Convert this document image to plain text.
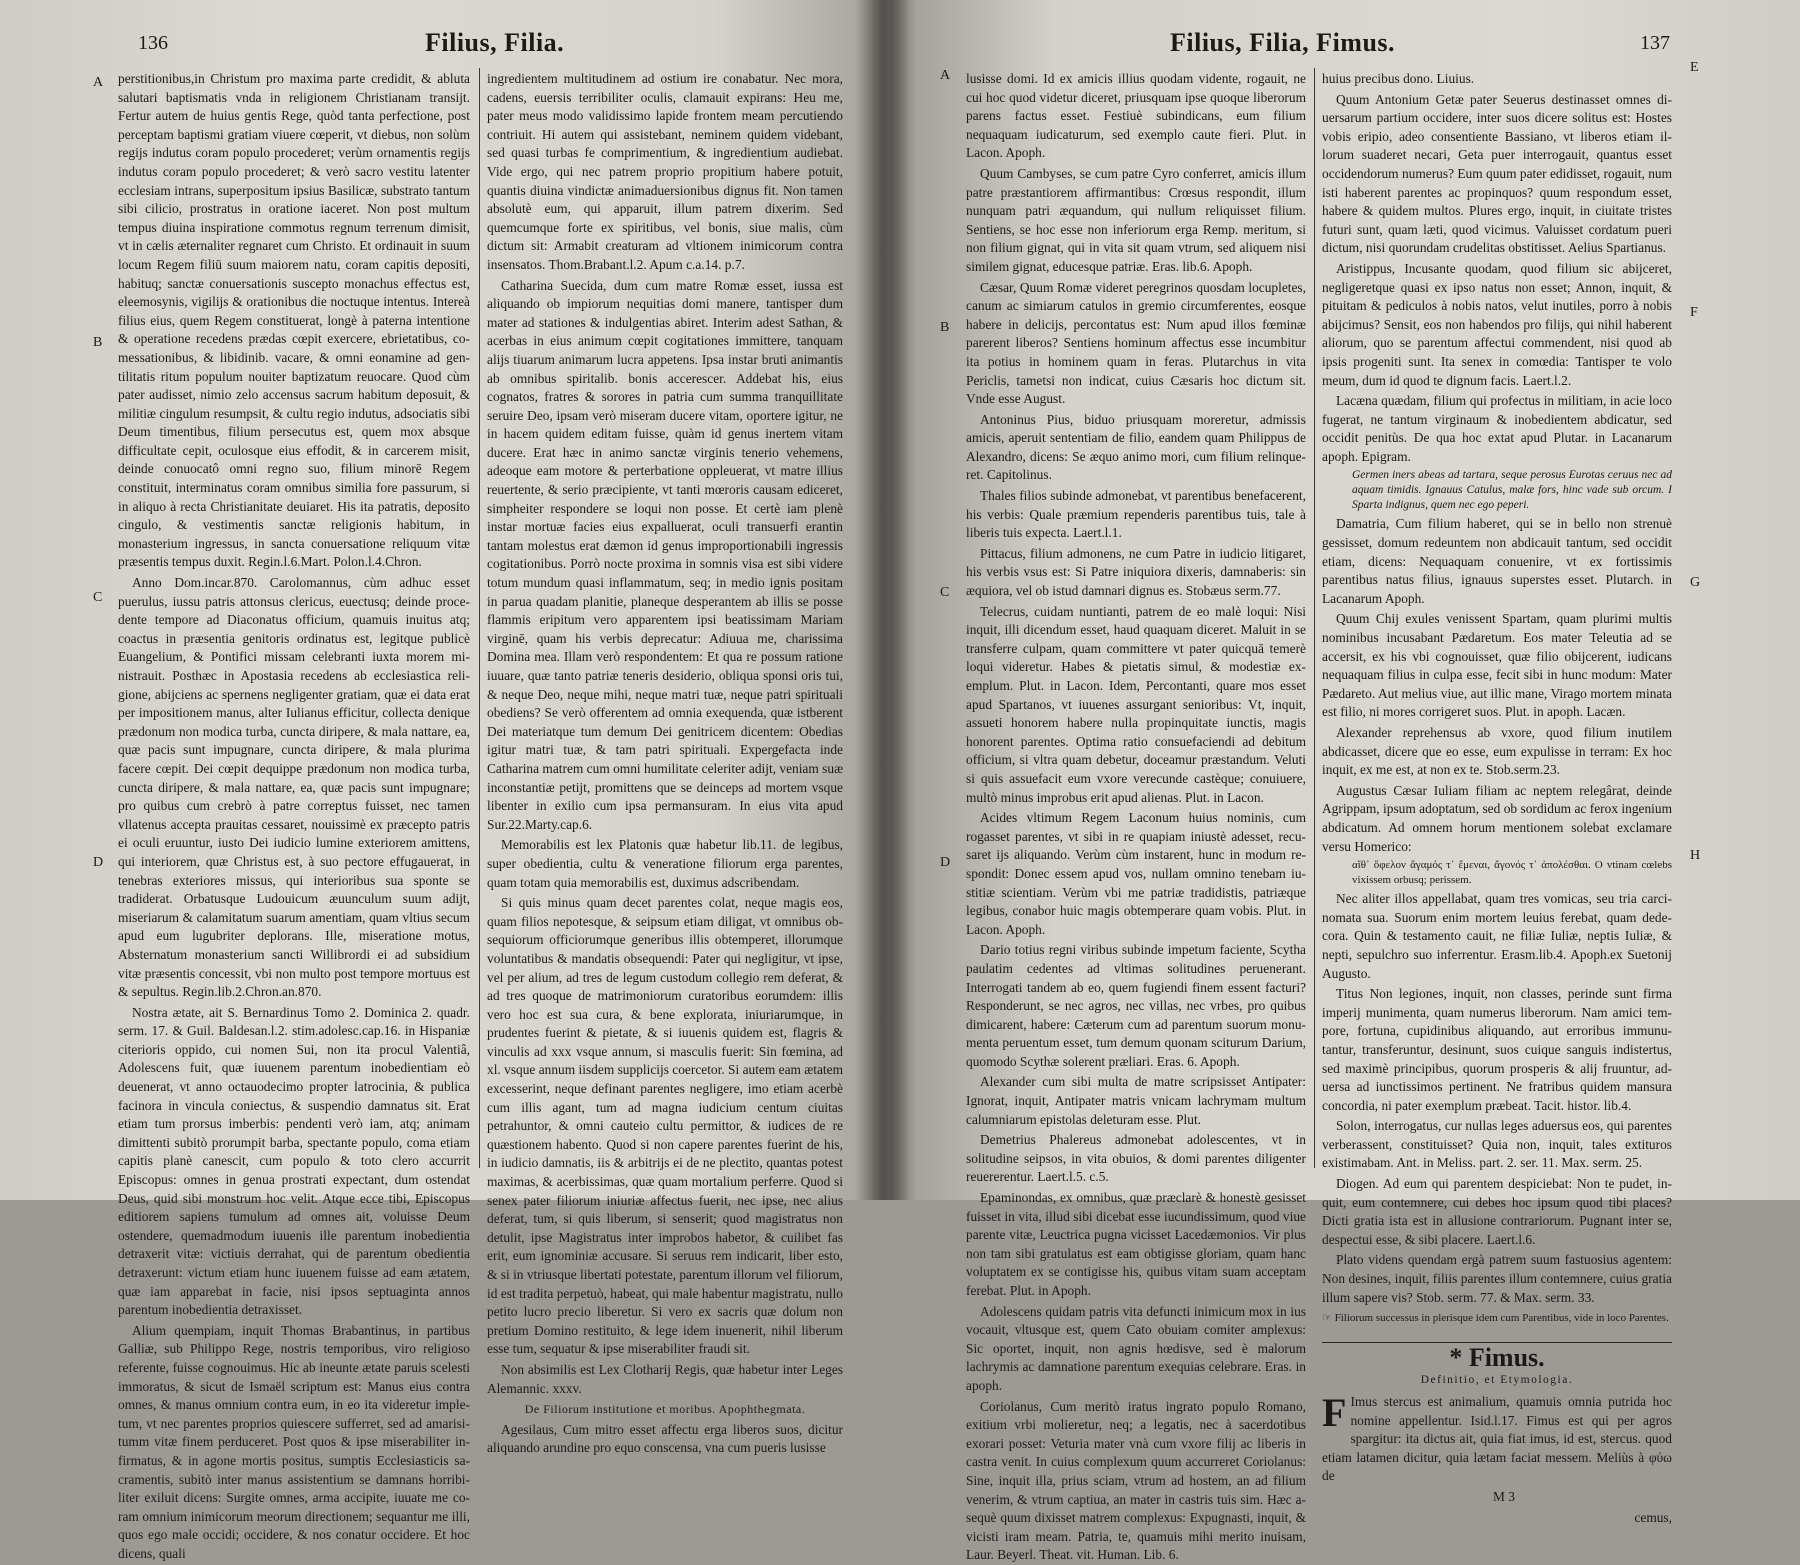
136	Filius, Filia.
A
B
C
D

perstitionibus,in Christum pro maxima parte credidit, & abluta salutari baptismatis vnda in religionem Christianam transijt. Fertur autem de huius gentis Rege, quòd tanta perfectione, post perceptam baptismi gratiam viuere cœperit, vt diebus, non solùm regijs indutus coram populo procederet; verùm ornamentis regijs indutus coram populo procederet; & verò sacro vestitu latenter ecclesiam intrans, superpositum ipsius Basilicæ, substrato tantum sibi cilicio, prostratus in oratione iaceret. Non post multum tempus diuina inspiratione commotus regnum terrenum dimisit, vt in cælis æternaliter regnaret cum Christo. Et ordinauit in suum locum Regem filiū suum maiorem natu, coram capitis depositi, habituq; sanctæ conuersationis suscepto monachus effectus est, eleemosynis, vigilijs & orationibus die noctuque intentus. Intereà filius eius, quem Regem constituerat, longè à paterna intentione & operatione recedens prædas cœpit exercere, ebrietatibus, comessationibus, & libidinib. vacare, & omni eonamine ad gentilitatis ritum populum nouiter baptizatum reuocare. Quod cùm pater audisset, nimio zelo accensus sacrum habitum deposuit, & militiæ cingulum resumpsit, & cultu regio indutus, adsociatis sibi Deum timentibus, filium persecutus est, quem mox absque difficultate cepit, oculosque eius effodit, & in carcerem misit, deinde conuocatô omni regno suo, filium minorē Regem constituit, interminatus coram omnibus similia fore passurum, si in aliquo à recta Christianitate deuiaret. His ita patratis, deposito cingulo, & vestimentis sanctæ religionis habitum, in monasterium ingressus, in sancta conuersatione reliquum vitæ præsentis tempus duxit. Regin.l.6.Mart. Polon.l.4.Chron.

Anno Dom.incar.870. Carolomannus, cùm adhuc esset puerulus, iussu patris attonsus clericus, euectusq; deinde procedente tempore ad Diaconatus officium, quamuis inuitus atq; coactus in præsentia genitoris ordinatus est, legitque publicè Euangelium, & Pontifici missam celebranti iuxta morem ministrauit. Posthæc in Apostasia recedens ab ecclesiastica religione, abijciens ac spernens negligenter gratiam, quæ ei data erat per impositionem manus, alter Iulianus efficitur, collecta denique prædonum non modica turba, cuncta diripere, & mala nattare, ea, quæ pacis sunt impugnare, cuncta diripere, & mala plurima facere cœpit. Dei cœpit dequippe prædonum non modica turba, cuncta diripere, & mala nattare, ea, quæ pacis sunt impugnare; pro quibus cum crebrò à patre correptus fuisset, nec tamen vllatenus accepta prauitas cessaret, nouissimè ex præcepto patris ei oculi eruuntur, iusto Dei iudicio lumine exteriorem amittens, qui interiorem, quæ Christus est, à suo pectore effugauerat, in tenebras exteriores missus, qui interioribus sua sponte se tradiderat. Orbatusque Ludouicum æuunculum suum adijt, miseriarum & calamitatum suarum amentiam, quam vltius secum apud eum lugubriter deplorans. Ille, miseratione motus, Absternatum monasterium sancti Willibrordi ei ad subsidium vitæ præsentis concessit, vbi non multo post tempore mortuus est & sepultus. Regin.lib.2.Chron.an.870.

Nostra ætate, ait S. Bernardinus Tomo 2. Dominica 2. quadr. serm. 17. & Guil. Baldesan.l.2. stim.adolesc.cap.16. in Hispaniæ citerioris oppido, cui nomen Sui, non ita procul Valentiâ, Adolescens fuit, quæ iuuenem parentum inobedientiam eò deuenerat, vt anno octauodecimo propter latrocinia, & publica facinora in vincula coniectus, & suspendio damnatus sit. Erat etiam tum prorsus imberbis: pendenti verò iam, atq; animam dimittenti subitò prorumpit barba, spectante populo, coma etiam capitis planè canescit, cum populo & toto clero accurrit Episcopus: omnes in genua prostrati expectant, dum ostendat Deus, quid sibi monstrum hoc velit. Atque ecce tibi, Episcopus editiorem sapiens tumulum ad omnes ait, voluisse Deum ostendere, quemadmodum iuuenis ille parentum inobedientia detraxerit vitæ: victiuis derrahat, qui de parentum obedientia detraxerunt: victum etiam hunc iuuenem fuisse ad eam ætatem, quæ iam apparebat in facie, nisi ipsos septuaginta annos parentum inobedientia detraxisset.

Alium quempiam, inquit Thomas Brabantinus, in partibus Galliæ, sub Philippo Rege, nostris temporibus, viro religioso referente, fuisse cognouimus. Hic ab ineunte ætate paruis scelesti immoratus, & sicut de Ismaël scriptum est: Manus eius contra omnes, & manus omnium contra eum, in eo ita videretur impletum, vt nec parentes proprios quiescere sufferret, sed ad amarisitumm vitæ finem perduceret. Post quos & ipse miserabiliter infirmatus, & in agone mortis positus, sumptis Ecclesiasticis sacramentis, subitò inter manus assistentium se damnans horribiliter exiluit dicens: Surgite omnes, arma accipite, iuuate me coram omnium inimicorum meorum directionem; sequantur me illi, quos ego male occidi; occidere, & nos conatur occidere. Et hoc dicens, quali

ingredientem multitudinem ad ostium ire conabatur. Nec mora, cadens, euersis terribiliter oculis, clamauit expirans: Heu me, pater meus modo validissimo lapide frontem meam percutiendo contriuit. Hi autem qui assistebant, neminem quidem videbant, sed quasi turbas fe comprimentium, & ingredientium audiebat. Vide ergo, qui nec patrem proprio propitium habere potuit, quantis diuina vindictæ animaduersionibus dignus fit. Non tamen absolutè eum, qui apparuit, illum patrem dixerim. Sed quemcumque forte ex spiritibus, vel bonis, siue malis, cùm dictum sit: Armabit creaturam ad vltionem inimicorum contra insensatos. Thom.Brabant.l.2. Apum c.a.14. p.7.

Catharina Suecida, dum cum matre Romæ esset, iussa est aliquando ob impiorum nequitias domi manere, tantisper dum mater ad stationes & indulgentias abiret. Interim adest Sathan, & acerbas in eius animum cœpit cogitationes immittere, tanquam alijs tiuarum animarum lucra appetens. Ipsa instar bruti animantis ab omnibus spiritalib. bonis accerescer. Addebat his, eius cognatos, fratres & sorores in patria cum summa tranquillitate seruire Deo, ipsam verò miseram ducere vitam, oportere igitur, ne in hacem quidem editam fuisse, quàm id genus inertem vitam ducere. Erat hæc in animo sanctæ virginis tenerio vehemens, adeoque eam motore & perterbatione oppleuerat, vt matre illius reuertente, & serio præcipiente, vt tanti mœroris causam ediceret, simpheiter respondere se loqui non posse. Et certè iam plenè instar mortuæ facies eius expalluerat, oculi transuerfi erantin tantam molestus erat dæmon id genus improportionabili ingressis cogitationibus. Porrò nocte proxima in somnis visa est sibi videre totum mundum quasi inflammatum, seq; in medio ignis positam in parua quadam planitie, planeque desperantem ab illis se posse flammis eripitum vero apparentem ipsi beatissimam Mariam virginē, quam his verbis deprecatur: Adiuua me, charissima Domina mea. Illam verò respondentem: Et qua re possum ratione iuuare, quæ tanto patriæ teneris desiderio, obliqua sponsi oris tui, & neque Deo, neque mihi, neque matri tuæ, neque patri spirituali obediens? Se verò offerentem ad omnia exequenda, quæ istberent Dei materiatque tum demum Dei genitricem dicentem: Obedias igitur matri tuæ, & tam patri spirituali. Expergefacta inde Catharina matrem cum omni humilitate celeriter adijt, veniam suæ inconstantiæ petijt, promittens que se deinceps ad mortem vsque libenter in exilio cum ipsa permansuram. In eius vita apud Sur.22.Marty.cap.6.

Memorabilis est lex Platonis quæ habetur lib.11. de legibus, super obedientia, cultu & veneratione filiorum erga parentes, quam totam quia memorabilis est, duximus adscribendam.

Si quis minus quam decet parentes colat, neque magis eos, quam filios nepotesque, & seipsum etiam diligat, vt omnibus obsequiorum officiorumque generibus illis obtemperet, illorumque voluntatibus & mandatis obsequendi: Pater qui negligitur, vt ipse, vel per alium, ad tres de legum custodum collegio rem deferat, & ad tres quoque de matrimoniorum curatoribus eorumdem: illis vero hoc est sua cura, & bene explorata, iniuriarumque, in prudentes fuerint & pietate, & si iuuenis quidem est, flagris & vinculis ad xxx vsque annum, si masculis fuerit: Sin fœmina, ad xl. vsque annum iisdem supplicijs coercetor. Si autem eam ætatem excesserint, neque definant parentes negligere, imo etiam acerbè cum illis agant, tum ad magna iudicium centum ciuitas petrahuntor, & omni cauteio cultu permittor, & iudices de re quæstionem habento. Quod si non capere parentes fuerint de his, in iudicio damnatis, iis & arbitrijs ei de ne plectito, quantas potest maximas, & acerbissimas, quæ quam mortalium perferre. Quod si senex pater filiorum iniuriæ affectus fuerit, nec ipse, nec alius deferat, tum, si quis liberum, si senserit; quod magistratus non detulit, ipse Magistratus inter improbos habetor, & cuilibet fas erit, eum ignominiæ accusare. Si seruus rem indicarit, liber esto, & si in vtriusque libertati potestate, parentum illorum vel filiorum, id est tradita perpetuò, habeat, qui male habentur magistratu, nullo petito lucro precio liberetur. Si vero ex sacris quæ dolum non pretium Domino restituito, & lege idem inuenerit, nihil liberum esse tum, sequatur & ipse miserabiliter fraudi sit.

Non absimilis est Lex Clotharij Regis, quæ habetur inter Leges Alemannic. xxxv.

De Filiorum institutione et moribus. Apophthegmata.

Agesilaus, Cum mitro esset affectu erga liberos suos, dicitur aliquando arundine pro equo conscensa, vna cum pueris lusisse

Filius, Filia, Fimus.	137
A
B
C
D
E
F
G
H

lusisse domi. Id ex amicis illius quodam vidente, rogauit, ne cui hoc quod videtur diceret, priusquam ipse quoque liberorum parens factus esset. Festiuè subindicans, eum filium nequaquam iudicaturum, sed exemplo caute fieri. Plut. in Lacon. Apoph.

Quum Cambyses, se cum patre Cyro conferret, amicis illum patre præstantiorem affirmantibus: Crœsus respondit, illum nunquam patri æquandum, qui nullum reliquisset filium. Sentiens, se hoc esse non inferiorum erga Remp. meritum, si non filium gignat, qui in vita sit quam vtrum, sed aliquem nisi similem gignat, educesque patriæ. Eras. lib.6. Apoph.

Cæsar, Quum Romæ videret peregrinos quosdam locupletes, canum ac simiarum catulos in gremio circumferentes, eosque habere in delicijs, percontatus est: Num apud illos fœminæ parerent liberos? Sentiens hominum affectus esse incumbitur ita potius in hominem quam in feras. Plutarchus in vita Periclis, tametsi non indicat, cuius Cæsaris hoc dictum sit. Vnde esse August.

Antoninus Pius, biduo priusquam moreretur, admissis amicis, aperuit sententiam de filio, eandem quam Philippus de Alexandro, dicens: Se æquo animo mori, cum filium relinqueret. Capitolinus.

Thales filios subinde admonebat, vt parentibus benefacerent, his verbis: Quale præmium rependeris parentibus tuis, tale à liberis tuis expecta. Laert.l.1.

Pittacus, filium admonens, ne cum Patre in iudicio litigaret, his verbis vsus est: Si Patre iniquiora dixeris, damnaberis: sin æquiora, vel ob istud damnari dignus es. Stobæus serm.77.

Telecrus, cuidam nuntianti, patrem de eo malè loqui: Nisi inquit, illi dicendum esset, haud quaquam diceret. Maluit in se transferre culpam, quam committere vt pater quicquā temerè loqui videretur. Habes & pietatis simul, & modestiæ exemplum. Plut. in Lacon. Idem, Percontanti, quare mos esset apud Spartanos, vt iuuenes assurgant senioribus: Vt, inquit, assueti honorem habere nulla propinquitate iunctis, magis honorent parentes. Optima ratio consuefaciendi ad debitum officium, si vltra quam debetur, doceamur præstandum. Veluti si quis assuefacit eum vxore verecunde castèque; conuiuere, multò minus improbus erit apud alienas. Plut. in Lacon.

Acides vltimum Regem Laconum huius nominis, cum rogasset parentes, vt sibi in re quapiam iniustè adesset, recusaret ijs aliquando. Verùm cùm instarent, hunc in modum respondit: Donec essem apud vos, nullam omnino tenebam iustitiæ scientiam. Verùm vbi me patriæ tradidistis, patriæque legibus, conabor huic magis obtemperare quam vobis. Plut. in Lacon. Apoph.

Dario totius regni viribus subinde impetum faciente, Scytha paulatim cedentes ad vltimas solitudines peruenerant. Interrogati tandem ab eo, quem fugiendi finem essent facturi? Responderunt, se nec agros, nec villas, nec vrbes, pro quibus dimicarent, habere: Cæterum cum ad parentum suorum monumenta peruentum esset, tum demum quonam sciturum Darium, quomodo Scythæ solerent præliari. Eras. 6. Apoph.

Alexander cum sibi multa de matre scripsisset Antipater: Ignorat, inquit, Antipater matris vnicam lachrymam multum calumniarum epistolas deleturam esse. Plut.

Demetrius Phalereus admonebat adolescentes, vt in solitudine seipsos, in vita obuios, & domi parentes diligenter reuererentur. Laert.l.5. c.5.

Epaminondas, ex omnibus, quæ præclarè & honestè gesisset fuisset in vita, illud sibi dicebat esse iucundissimum, quod viue parente vitæ, Leuctrica pugna vicisset Lacedæmonios. Vir plus non tam sibi gratulatus est eam obtigisse gloriam, quam hanc voluptatem ex se contigisse his, quibus vitam suam acceptam ferebat. Plut. in Apoph.

Adolescens quidam patris vita defuncti inimicum mox in ius vocauit, vltusque est, quem Cato obuiam comiter amplexus: Sic oportet, inquit, non agnis hœdisve, sed è malorum lachrymis ac damnatione parentum exequias celebrare. Eras. in apoph.

Coriolanus, Cum meritò iratus ingrato populo Romano, exitium vrbi molieretur, neq; a legatis, nec à sacerdotibus exorari posset: Veturia mater vnà cum vxore filij ac liberis in castra venit. In cuius complexum quum accurreret Coriolanus: Sine, inquit illa, prius sciam, vtrum ad hostem, an ad filium venerim, & vtrum captiua, an mater in castris tuis sim. Hæc asequè quum dixisset matrem complexus: Expugnasti, inquit, & vicisti iram meam. Patria, te, quamuis mihi merito inuisam, Laur. Beyerl. Theat. vit. Human. Lib. 6.

huius precibus dono. Liuius.

Quum Antonium Getæ pater Seuerus destinasset omnes diuersarum partium occidere, inter suos dicere solitus est: Hostes vobis eripio, adeo consentiente Bassiano, vt liberos etiam illorum suaderet necari, Geta puer interrogauit, quantus esset occidendorum numerus? Eum quum pater edidisset, rogauit, num isti haberent parentes ac propinquos? quum respondum esset, habere & quidem multos. Plures ergo, inquit, in ciuitate tristes futuri sunt, quam læti, quod vicimus. Valuisset cordatum pueri dictum, nisi quorundam crudelitas obstitisset. Aelius Spartianus.

Aristippus, Incusante quodam, quod filium sic abijceret, negligeretque quasi ex ipso natus non esset; Annon, inquit, & pituitam & pediculos à nobis natos, velut inutiles, porro à nobis abijcimus? Sensit, eos non habendos pro filijs, qui nihil haberent aliorum, quo se parentum affectui commendent, nisi quod ab ipsis progeniti sunt. Ita senex in comœdia: Tantisper te volo meum, dum id quod te dignum facis. Laert.l.2.

Lacæna quædam, filium qui profectus in militiam, in acie loco fugerat, ne tantum virginaum & inobedientem abdicatur, sed occidit penitùs. De qua hoc extat apud Plutar. in Lacanarum apoph. Epigram.

Germen iners abeas ad tartara, seque perosus Eurotas ceruus nec ad aquam timidis. Ignauus Catulus, malæ fors, hinc vade sub orcum. I Sparta indignus, quem nec ego peperi.

Damatria, Cum filium haberet, qui se in bello non strenuè gessisset, domum redeuntem non abdicauit tantum, sed occidit etiam, dicens: Nequaquam conuenire, vt ex fortissimis parentibus natus filius, ignauus superstes esset. Plutarch. in Lacanarum Apoph.

Quum Chij exules venissent Spartam, quam plurimi multis nominibus incusabant Pædaretum. Eos mater Teleutia ad se accersit, ex his vbi cognouisset, quæ filio obijcerent, iudicans nequaquam filius in culpa esse, fecit sibi in hunc modum: Mater Pædareto. Aut melius viue, aut illic mane, Virago mortem minata est filio, ni mores corrigeret suos. Plut. in apoph. Lacæn.

Alexander reprehensus ab vxore, quod filium inutilem abdicasset, dicere que eo esse, eum expulisse in terram: Ex hoc inquit, ex me est, at non ex te. Stob.serm.23.

Augustus Cæsar Iuliam filiam ac neptem relegârat, deinde Agrippam, ipsum adoptatum, sed ob sordidum ac ferox ingenium abdicatum. Ad omnem horum mentionem solebat exclamare versu Homerico:

αἴθ᾽ ὄφελον ἄγαμός τ᾽ ἔμεναι, ἄγονός τ᾽ ἀπολέσθαι. O vtinam cœlebs vixissem orbusq; perissem.

Nec aliter illos appellabat, quam tres vomicas, seu tria carcinomata sua. Suorum enim mortem leuius ferebat, quam dedecora. Quin & testamento cauit, ne filiæ Iuliæ, neptis Iuliæ, & nepti, sepulchro suo inferrentur. Erasm.lib.4. Apoph.ex Suetonij Augusto.

Titus Non legiones, inquit, non classes, perinde sunt firma imperij munimenta, quam numerus liberorum. Nam amici tempore, fortuna, cupidinibus aliquando, aut erroribus immunutantur, transferuntur, desinunt, suos cuique sanguis indistertus, sed maximè principibus, quorum prosperis & alij fruuntur, aduersa ad iunctissimos pertinent. Ne fratribus quidem mansura concordia, ni pater exemplum præbeat. Tacit. histor. lib.4.

Solon, interrogatus, cur nullas leges aduersus eos, qui parentes verberassent, constituisset? Quia non, inquit, tales extituros existimabam. Ant. in Meliss. part. 2. ser. 11. Max. serm. 25.

Diogen. Ad eum qui parentem despiciebat: Non te pudet, inquit, eum contemnere, cui debes hoc ipsum quod tibi places? Dicti gratia ista est in allusione contrariorum. Pugnant inter se, despectui esse, & sibi placere. Laert.l.6.

Plato videns quendam ergà patrem suum fastuosius agentem: Non desines, inquit, filiis parentes illum contemnere, cuius gratia illum sapere vis? Stob. serm. 77. & Max. serm. 33.

☞ Filiorum successus in plerisque idem cum Parentibus, vide in loco Parentes.

* Fimus.
Definitio, et Etymologia.

F Imus stercus est animalium, quamuis omnia putrida hoc nomine appellentur. Isid.l.17. Fimus est qui per agros spargitur: ita dictus ait, quia fiat imus, id est, stercus. quod etiam latamen dicitur, quia lætam faciat messem. Meliùs à φύω de

M 3

cemus,
